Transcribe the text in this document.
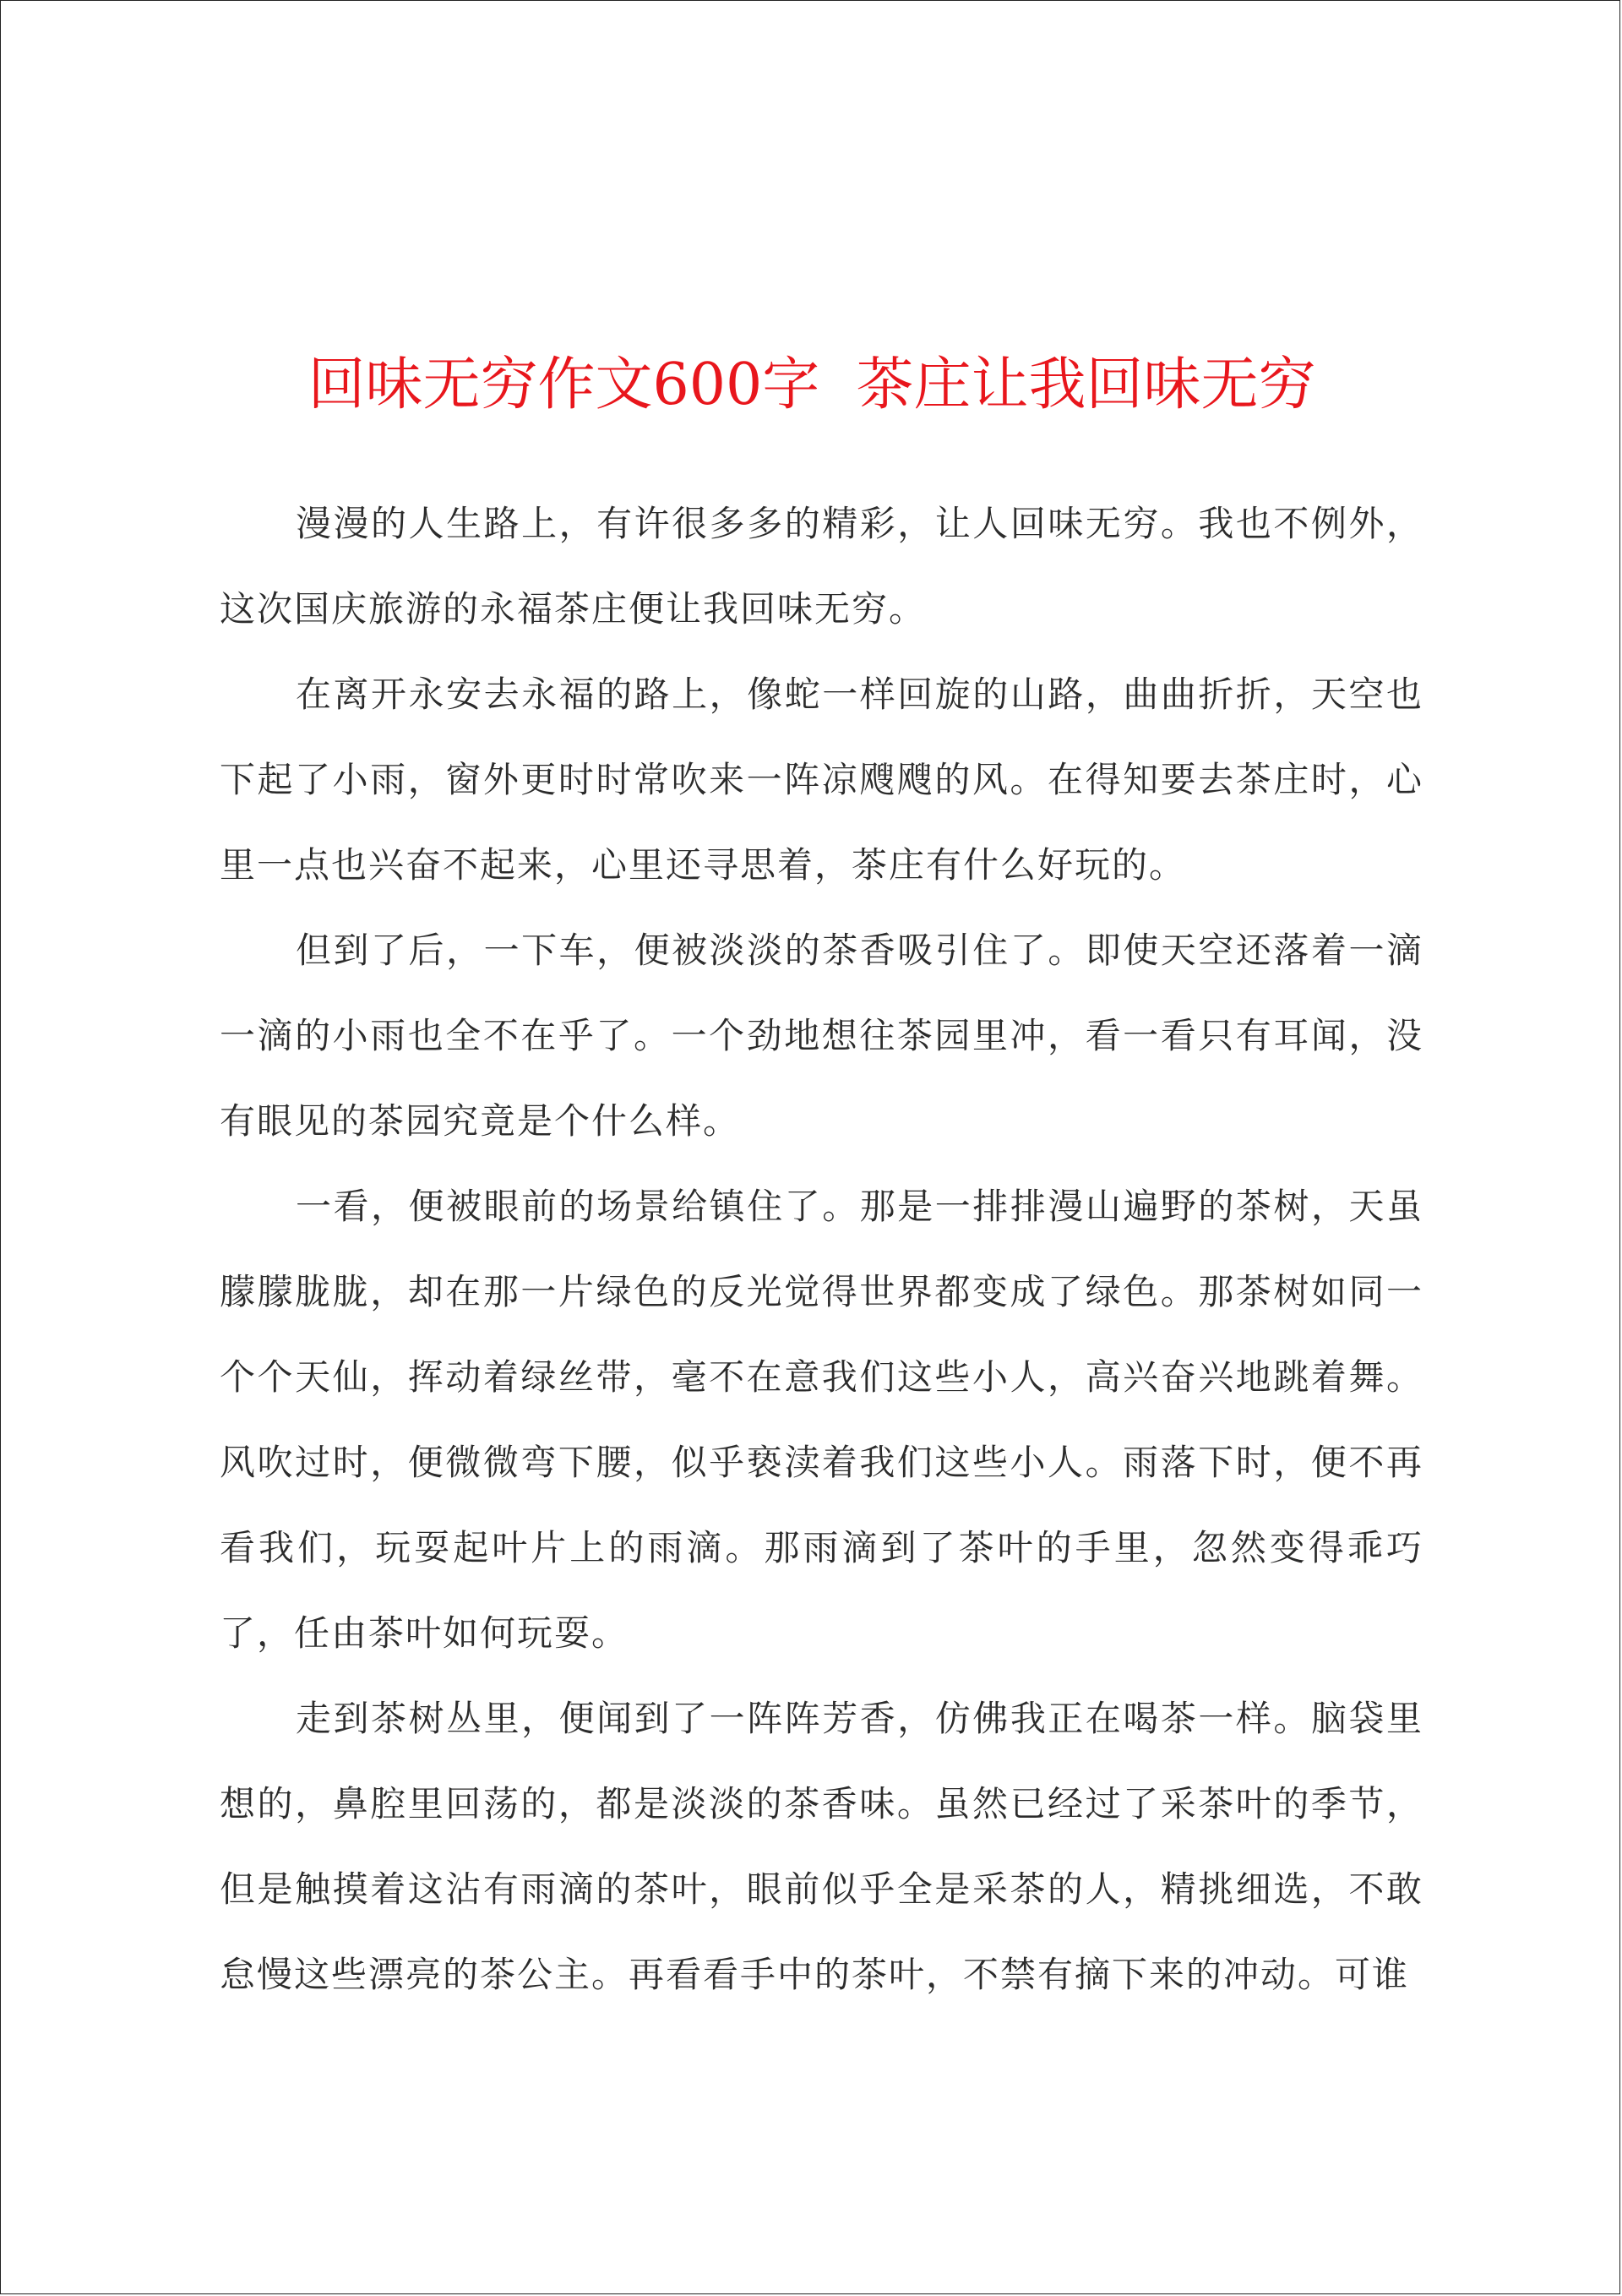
回味无穷作文600字  茶庄让我回味无穷

漫漫的人生路上，有许很多多的精彩，让人回味无穷。我也不例外，这次国庆旅游的永福茶庄便让我回味无穷。

在离开永安去永福的路上，像蛇一样回旋的山路，曲曲折折，天空也下起了小雨，窗外更时时常吹来一阵凉飕飕的风。在得知要去茶庄时，心里一点也兴奋不起来，心里还寻思着，茶庄有什么好玩的。

但到了后，一下车，便被淡淡的茶香吸引住了。即使天空还落着一滴一滴的小雨也全不在乎了。一个劲地想往茶园里冲，看一看只有耳闻，没有眼见的茶园究竟是个什么样。

一看，便被眼前的场景给镇住了。那是一排排漫山遍野的茶树，天虽朦朦胧胧，却在那一片绿色的反光觉得世界都变成了绿色。那茶树如同一个个天仙，挥动着绿丝带，毫不在意我们这些小人，高兴奋兴地跳着舞。风吹过时，便微微弯下腰，似乎亵渎着我们这些小人。雨落下时，便不再看我们，玩耍起叶片上的雨滴。那雨滴到了茶叶的手里，忽然变得乖巧了，任由茶叶如何玩耍。

走到茶树丛里，便闻到了一阵阵芳香，仿佛我正在喝茶一样。脑袋里想的，鼻腔里回荡的，都是淡淡的茶香味。虽然已经过了采茶叶的季节，但是触摸着这沾有雨滴的茶叶，眼前似乎全是采茶的人，精挑细选，不敢怠慢这些漂亮的茶公主。再看看手中的茶叶，不禁有摘下来的冲动。可谁
